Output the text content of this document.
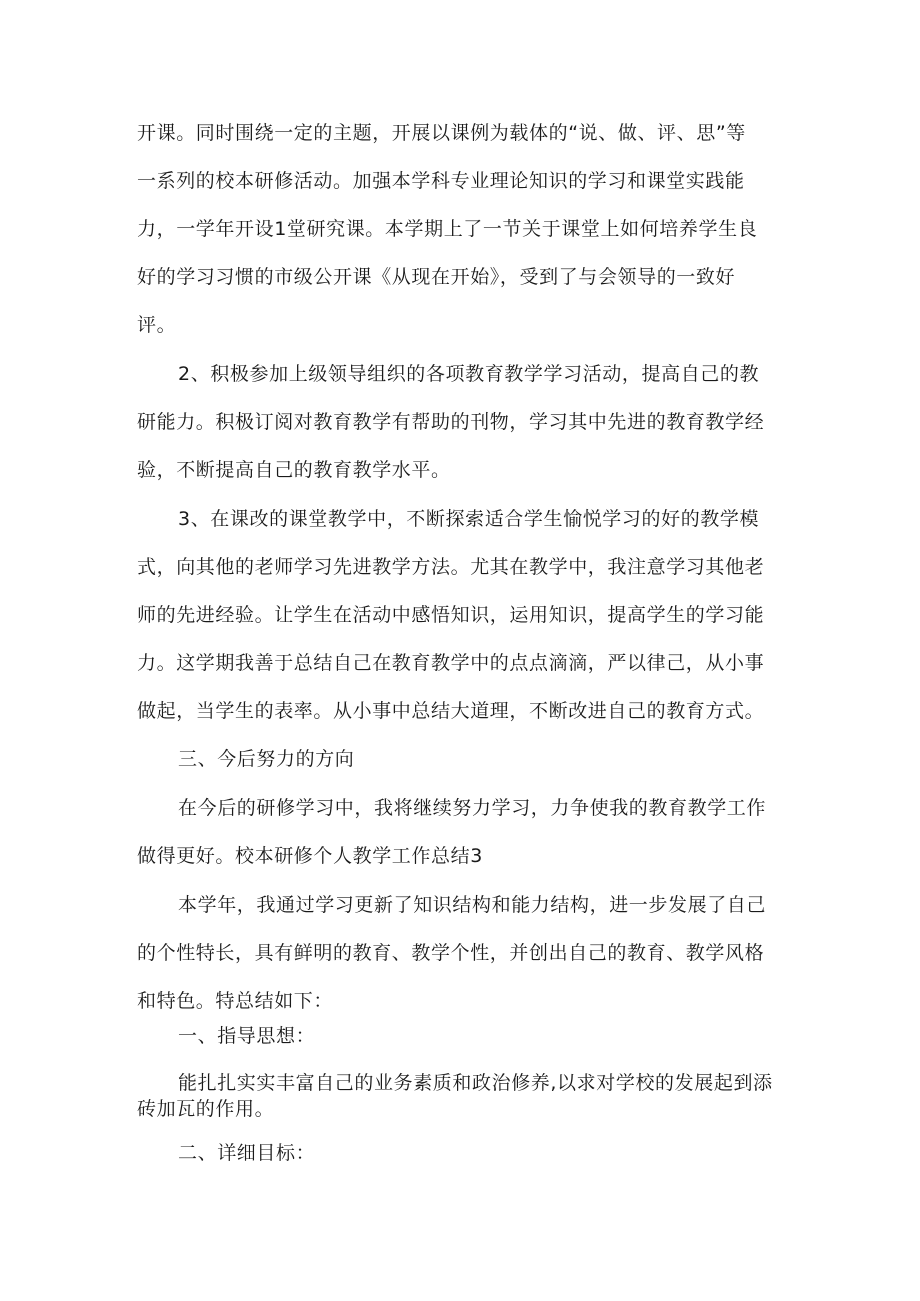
开课。同时围绕一定的主题，开展以课例为载体的“说、做、评、思”等
一系列的校本研修活动。加强本学科专业理论知识的学习和课堂实践能
力，一学年开设1堂研究课。本学期上了一节关于课堂上如何培养学生良
好的学习习惯的市级公开课《从现在开始》，受到了与会领导的一致好
评。
2、积极参加上级领导组织的各项教育教学学习活动，提高自己的教
研能力。积极订阅对教育教学有帮助的刊物，学习其中先进的教育教学经
验，不断提高自己的教育教学水平。
3、在课改的课堂教学中，不断探索适合学生愉悦学习的好的教学模
式，向其他的老师学习先进教学方法。尤其在教学中，我注意学习其他老
师的先进经验。让学生在活动中感悟知识，运用知识，提高学生的学习能
力。这学期我善于总结自己在教育教学中的点点滴滴，严以律己，从小事
做起，当学生的表率。从小事中总结大道理，不断改进自己的教育方式。
三、今后努力的方向
在今后的研修学习中，我将继续努力学习，力争使我的教育教学工作
做得更好。校本研修个人教学工作总结3
本学年，我通过学习更新了知识结构和能力结构，进一步发展了自己
的个性特长，具有鲜明的教育、教学个性，并创出自己的教育、教学风格
和特色。特总结如下：
一、指导思想：
能扎扎实实丰富自己的业务素质和政治修养,以求对学校的发展起到添
砖加瓦的作用。
二、详细目标：
